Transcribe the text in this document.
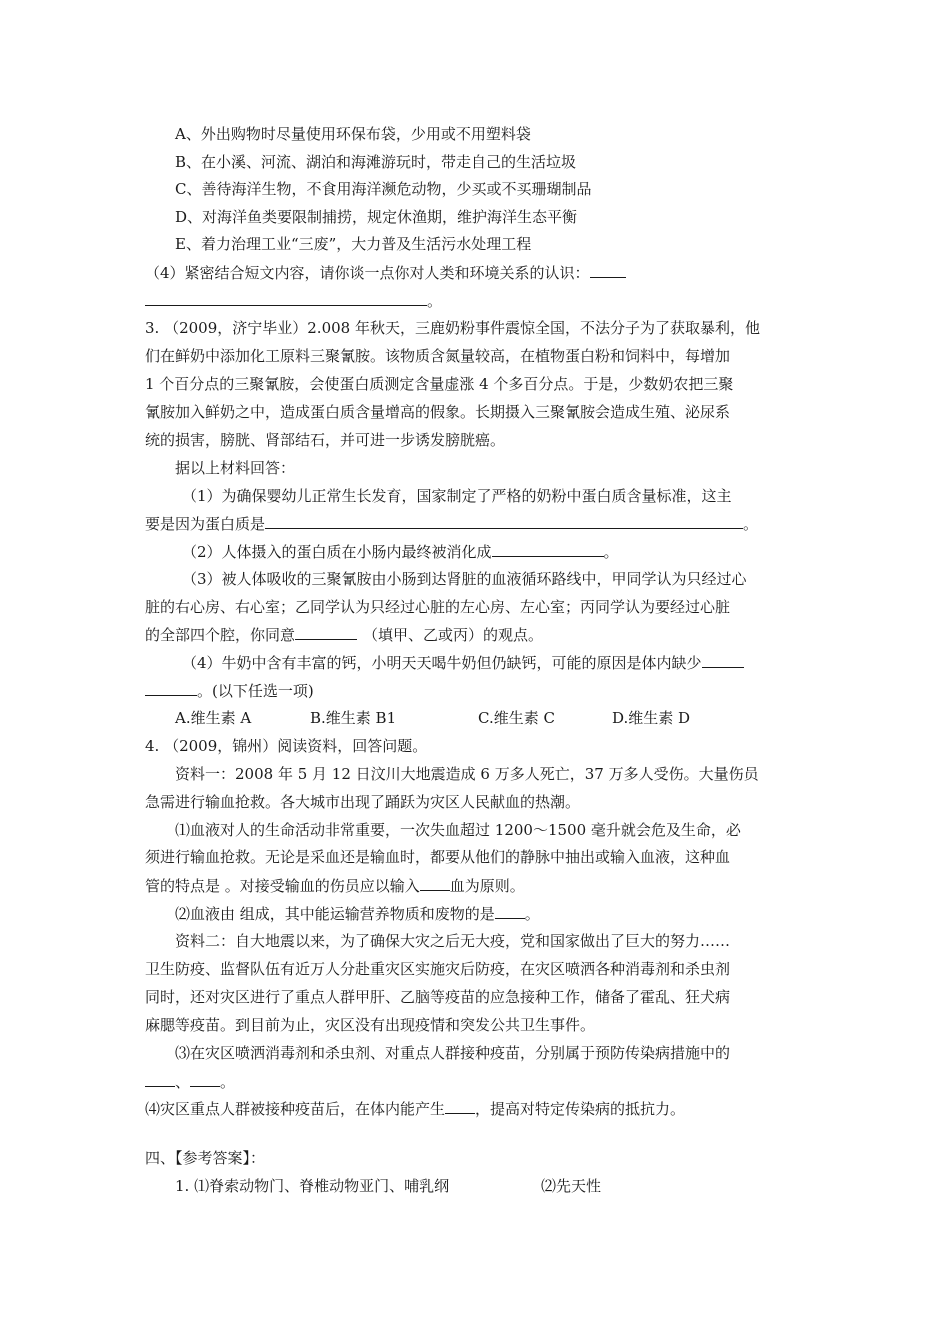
A、外出购物时尽量使用环保布袋，少用或不用塑料袋
B、在小溪、河流、湖泊和海滩游玩时，带走自己的生活垃圾
C、善待海洋生物，不食用海洋濒危动物，少买或不买珊瑚制品
D、对海洋鱼类要限制捕捞，规定休渔期，维护海洋生态平衡
E、着力治理工业“三废”，大力普及生活污水处理工程
（4）紧密结合短文内容，请你谈一点你对人类和环境关系的认识：
。
3. （2009，济宁毕业）2.008 年秋天，三鹿奶粉事件震惊全国，不法分子为了获取暴利，他
们在鲜奶中添加化工原料三聚氰胺。该物质含氮量较高，在植物蛋白粉和饲料中，每增加
1 个百分点的三聚氰胺，会使蛋白质测定含量虚涨 4 个多百分点。于是，少数奶农把三聚
氰胺加入鲜奶之中，造成蛋白质含量增高的假象。长期摄入三聚氰胺会造成生殖、泌尿系
统的损害，膀胱、肾部结石，并可进一步诱发膀胱癌。
据以上材料回答：
（1）为确保婴幼儿正常生长发育，国家制定了严格的奶粉中蛋白质含量标准，这主
要是因为蛋白质是	。
（2）人体摄入的蛋白质在小肠内最终被消化成	。
（3）被人体吸收的三聚氰胺由小肠到达肾脏的血液循环路线中，甲同学认为只经过心
脏的右心房、右心室；乙同学认为只经过心脏的左心房、左心室；丙同学认为要经过心脏
的全部四个腔，你同意	（填甲、乙或丙）的观点。
（4）牛奶中含有丰富的钙，小明天天喝牛奶但仍缺钙，可能的原因是体内缺少
。(以下任选一项)
A.维生素 A	B.维生素 B1	C.维生素 C	D.维生素 D
4. （2009，锦州）阅读资料，回答问题。
资料一：2008 年 5 月 12 日汶川大地震造成 6 万多人死亡，37 万多人受伤。大量伤员
急需进行输血抢救。各大城市出现了踊跃为灾区人民献血的热潮。
⑴血液对人的生命活动非常重要，一次失血超过 1200～1500 毫升就会危及生命，必
须进行输血抢救。无论是采血还是输血时，都要从他们的静脉中抽出或输入血液，这种血
管的特点是 。对接受输血的伤员应以输入 血为原则。
⑵血液由 组成，其中能运输营养物质和废物的是 。
资料二：自大地震以来，为了确保大灾之后无大疫，党和国家做出了巨大的努力……
卫生防疫、监督队伍有近万人分赴重灾区实施灾后防疫，在灾区喷洒各种消毒剂和杀虫剂
同时，还对灾区进行了重点人群甲肝、乙脑等疫苗的应急接种工作，储备了霍乱、狂犬病
麻腮等疫苗。到目前为止，灾区没有出现疫情和突发公共卫生事件。
⑶在灾区喷洒消毒剂和杀虫剂、对重点人群接种疫苗，分别属于预防传染病措施中的
、 。
⑷灾区重点人群被接种疫苗后，在体内能产生 ，提高对特定传染病的抵抗力。
四、【参考答案】：
1. ⑴脊索动物门、脊椎动物亚门、哺乳纲	⑵先天性
